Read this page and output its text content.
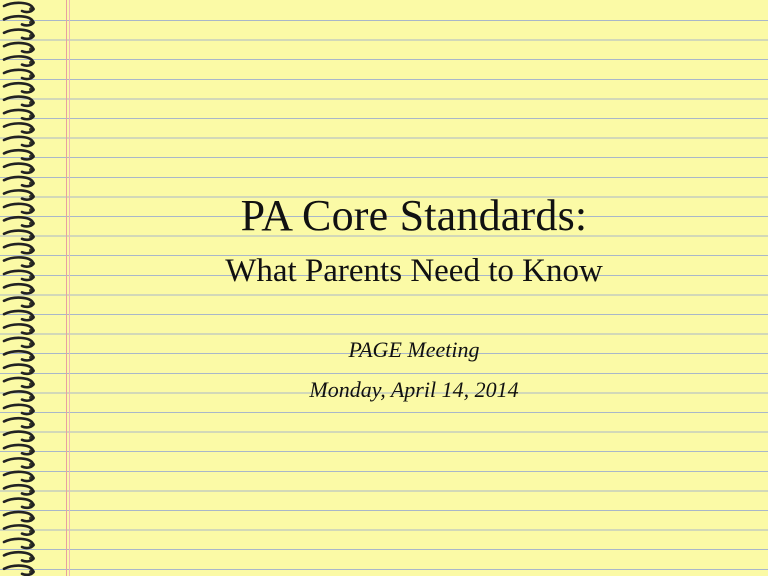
PA Core Standards:
What Parents Need to Know
PAGE Meeting
Monday, April 14, 2014
